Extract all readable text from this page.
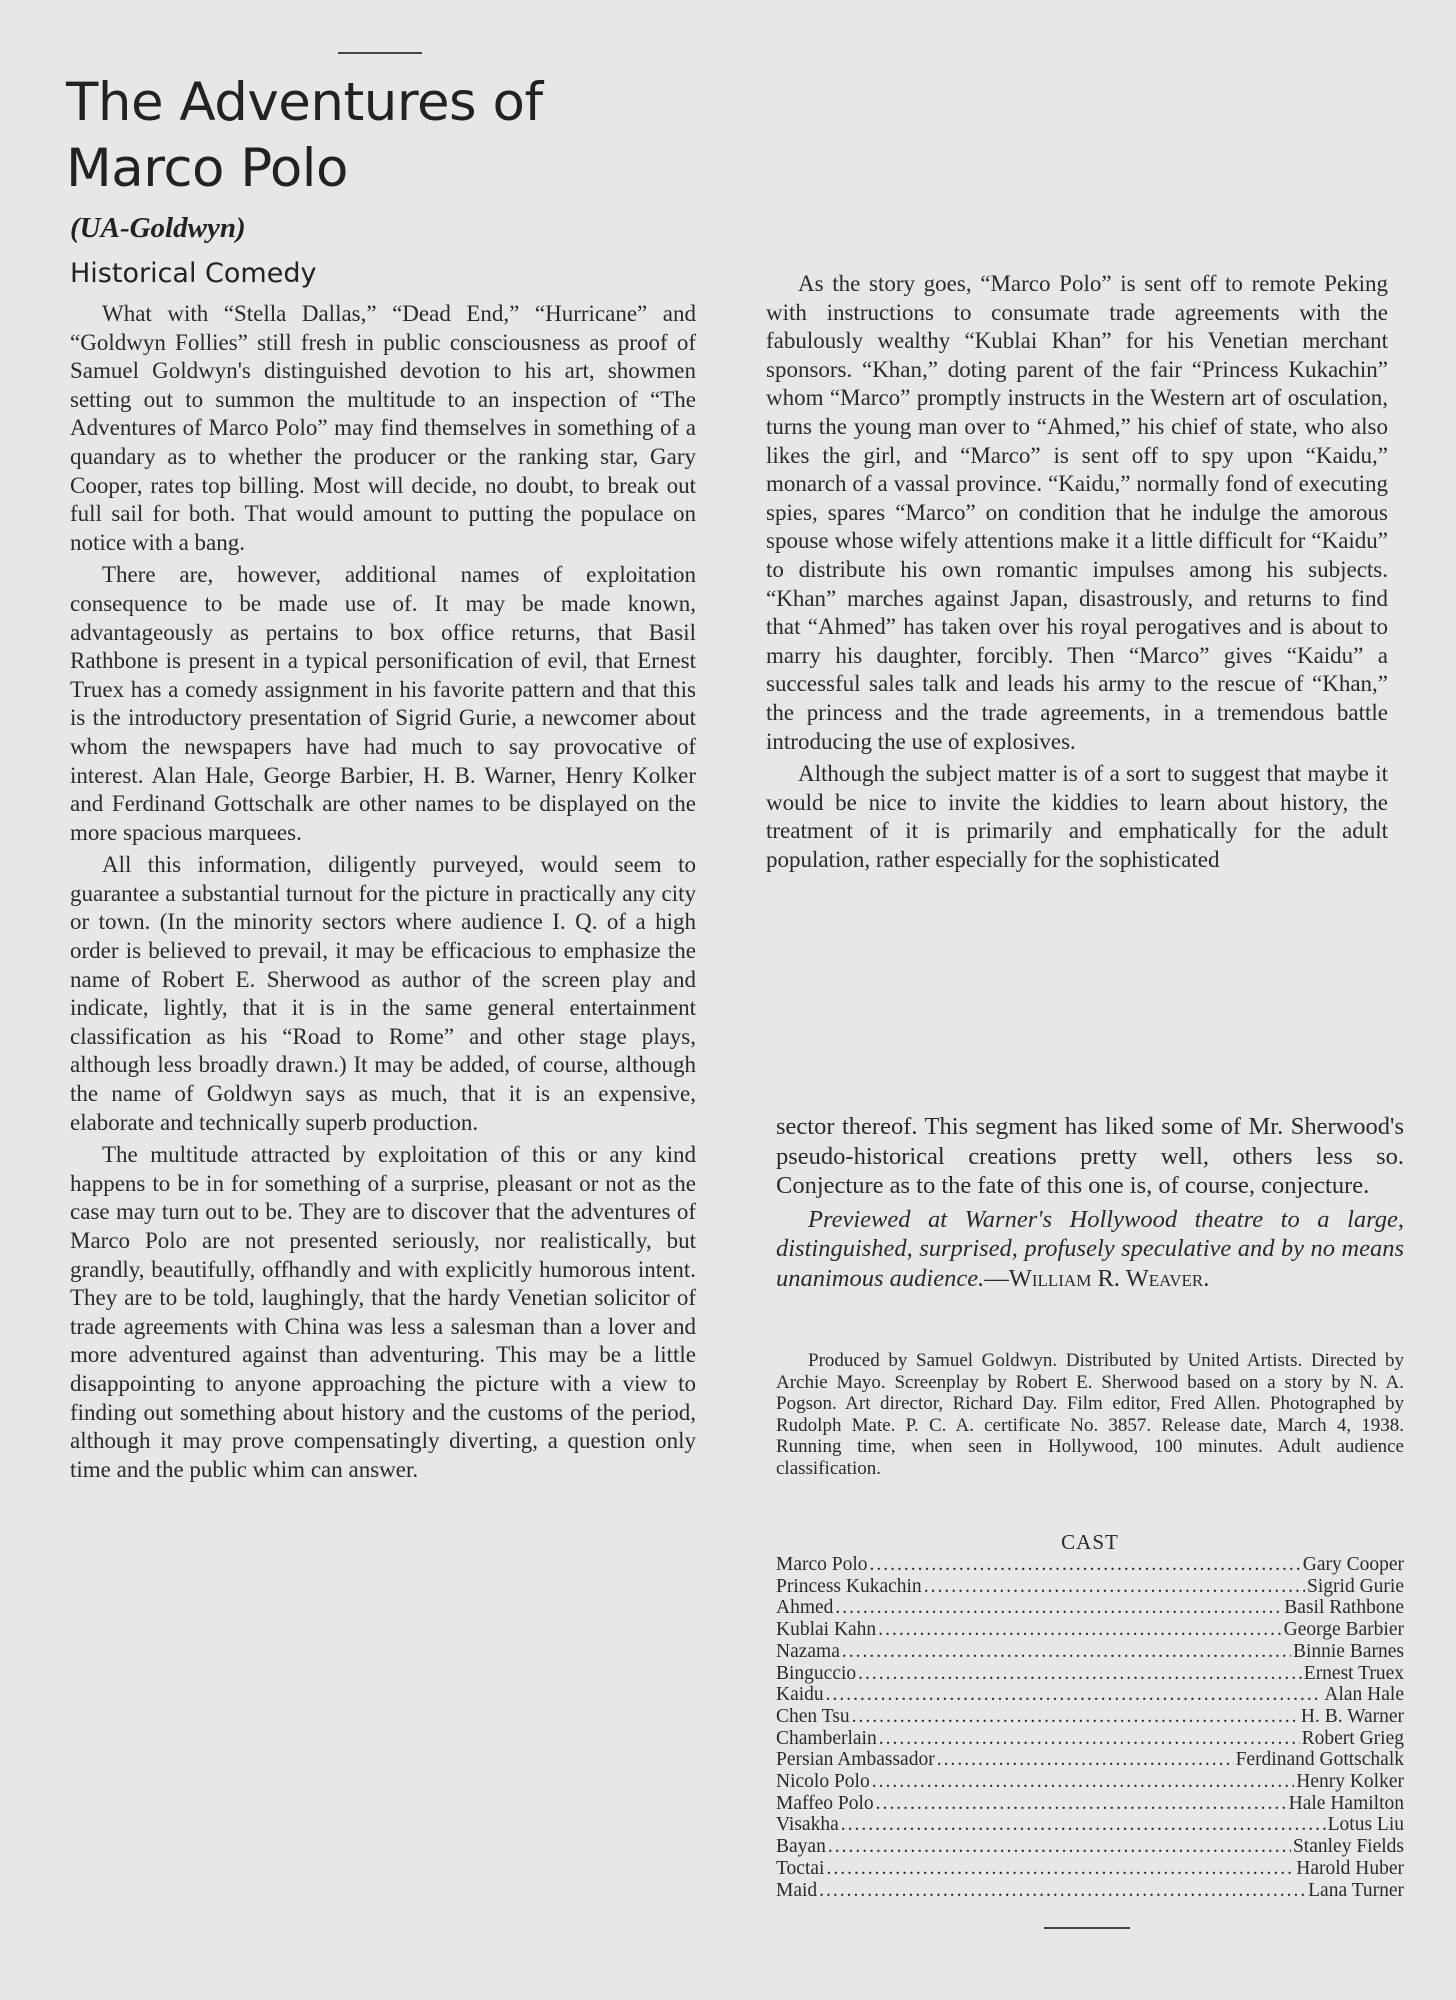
The Adventures of Marco Polo
(UA-Goldwyn)
Historical Comedy

What with “Stella Dallas,” “Dead End,” “Hurricane” and “Goldwyn Follies” still fresh in public consciousness as proof of Samuel Goldwyn's distinguished devotion to his art, showmen setting out to summon the multitude to an inspection of “The Adventures of Marco Polo” may find themselves in something of a quandary as to whether the producer or the ranking star, Gary Cooper, rates top billing. Most will decide, no doubt, to break out full sail for both. That would amount to putting the populace on notice with a bang.

There are, however, additional names of exploitation consequence to be made use of. It may be made known, advantageously as pertains to box office returns, that Basil Rathbone is present in a typical personification of evil, that Ernest Truex has a comedy assignment in his favorite pattern and that this is the introductory presentation of Sigrid Gurie, a newcomer about whom the newspapers have had much to say provocative of interest. Alan Hale, George Barbier, H. B. Warner, Henry Kolker and Ferdinand Gottschalk are other names to be displayed on the more spacious marquees.

All this information, diligently purveyed, would seem to guarantee a substantial turnout for the picture in practically any city or town. (In the minority sectors where audience I. Q. of a high order is believed to prevail, it may be efficacious to emphasize the name of Robert E. Sherwood as author of the screen play and indicate, lightly, that it is in the same general entertainment classification as his “Road to Rome” and other stage plays, although less broadly drawn.) It may be added, of course, although the name of Goldwyn says as much, that it is an expensive, elaborate and technically superb production.

The multitude attracted by exploitation of this or any kind happens to be in for something of a surprise, pleasant or not as the case may turn out to be. They are to discover that the adventures of Marco Polo are not presented seriously, nor realistically, but grandly, beautifully, offhandly and with explicitly humorous intent. They are to be told, laughingly, that the hardy Venetian solicitor of trade agreements with China was less a salesman than a lover and more adventured against than adventuring. This may be a little disappointing to anyone approaching the picture with a view to finding out something about history and the customs of the period, although it may prove compensatingly diverting, a question only time and the public whim can answer.

As the story goes, “Marco Polo” is sent off to remote Peking with instructions to consumate trade agreements with the fabulously wealthy “Kublai Khan” for his Venetian merchant sponsors. “Khan,” doting parent of the fair “Princess Kukachin” whom “Marco” promptly instructs in the Western art of osculation, turns the young man over to “Ahmed,” his chief of state, who also likes the girl, and “Marco” is sent off to spy upon “Kaidu,” monarch of a vassal province. “Kaidu,” normally fond of executing spies, spares “Marco” on condition that he indulge the amorous spouse whose wifely attentions make it a little difficult for “Kaidu” to distribute his own romantic impulses among his subjects. “Khan” marches against Japan, disastrously, and returns to find that “Ahmed” has taken over his royal perogatives and is about to marry his daughter, forcibly. Then “Marco” gives “Kaidu” a successful sales talk and leads his army to the rescue of “Khan,” the princess and the trade agreements, in a tremendous battle introducing the use of explosives.

Although the subject matter is of a sort to suggest that maybe it would be nice to invite the kiddies to learn about history, the treatment of it is primarily and emphatically for the adult population, rather especially for the sophisticated

sector thereof. This segment has liked some of Mr. Sherwood's pseudo-historical creations pretty well, others less so. Conjecture as to the fate of this one is, of course, conjecture.

Previewed at Warner's Hollywood theatre to a large, distinguished, surprised, profusely speculative and by no means unanimous audience.—William R. Weaver.

Produced by Samuel Goldwyn. Distributed by United Artists. Directed by Archie Mayo. Screenplay by Robert E. Sherwood based on a story by N. A. Pogson. Art director, Richard Day. Film editor, Fred Allen. Photographed by Rudolph Mate. P. C. A. certificate No. 3857. Release date, March 4, 1938. Running time, when seen in Hollywood, 100 minutes. Adult audience classification.

CAST
Marco Polo .....	Gary Cooper
Princess Kukachin .....	Sigrid Gurie
Ahmed .....	Basil Rathbone
Kublai Kahn .....	George Barbier
Nazama .....	Binnie Barnes
Binguccio .....	Ernest Truex
Kaidu .....	Alan Hale
Chen Tsu .....	H. B. Warner
Chamberlain .....	Robert Grieg
Persian Ambassador .....	Ferdinand Gottschalk
Nicolo Polo .....	Henry Kolker
Maffeo Polo .....	Hale Hamilton
Visakha .....	Lotus Liu
Bayan .....	Stanley Fields
Toctai .....	Harold Huber
Maid .....	Lana Turner
